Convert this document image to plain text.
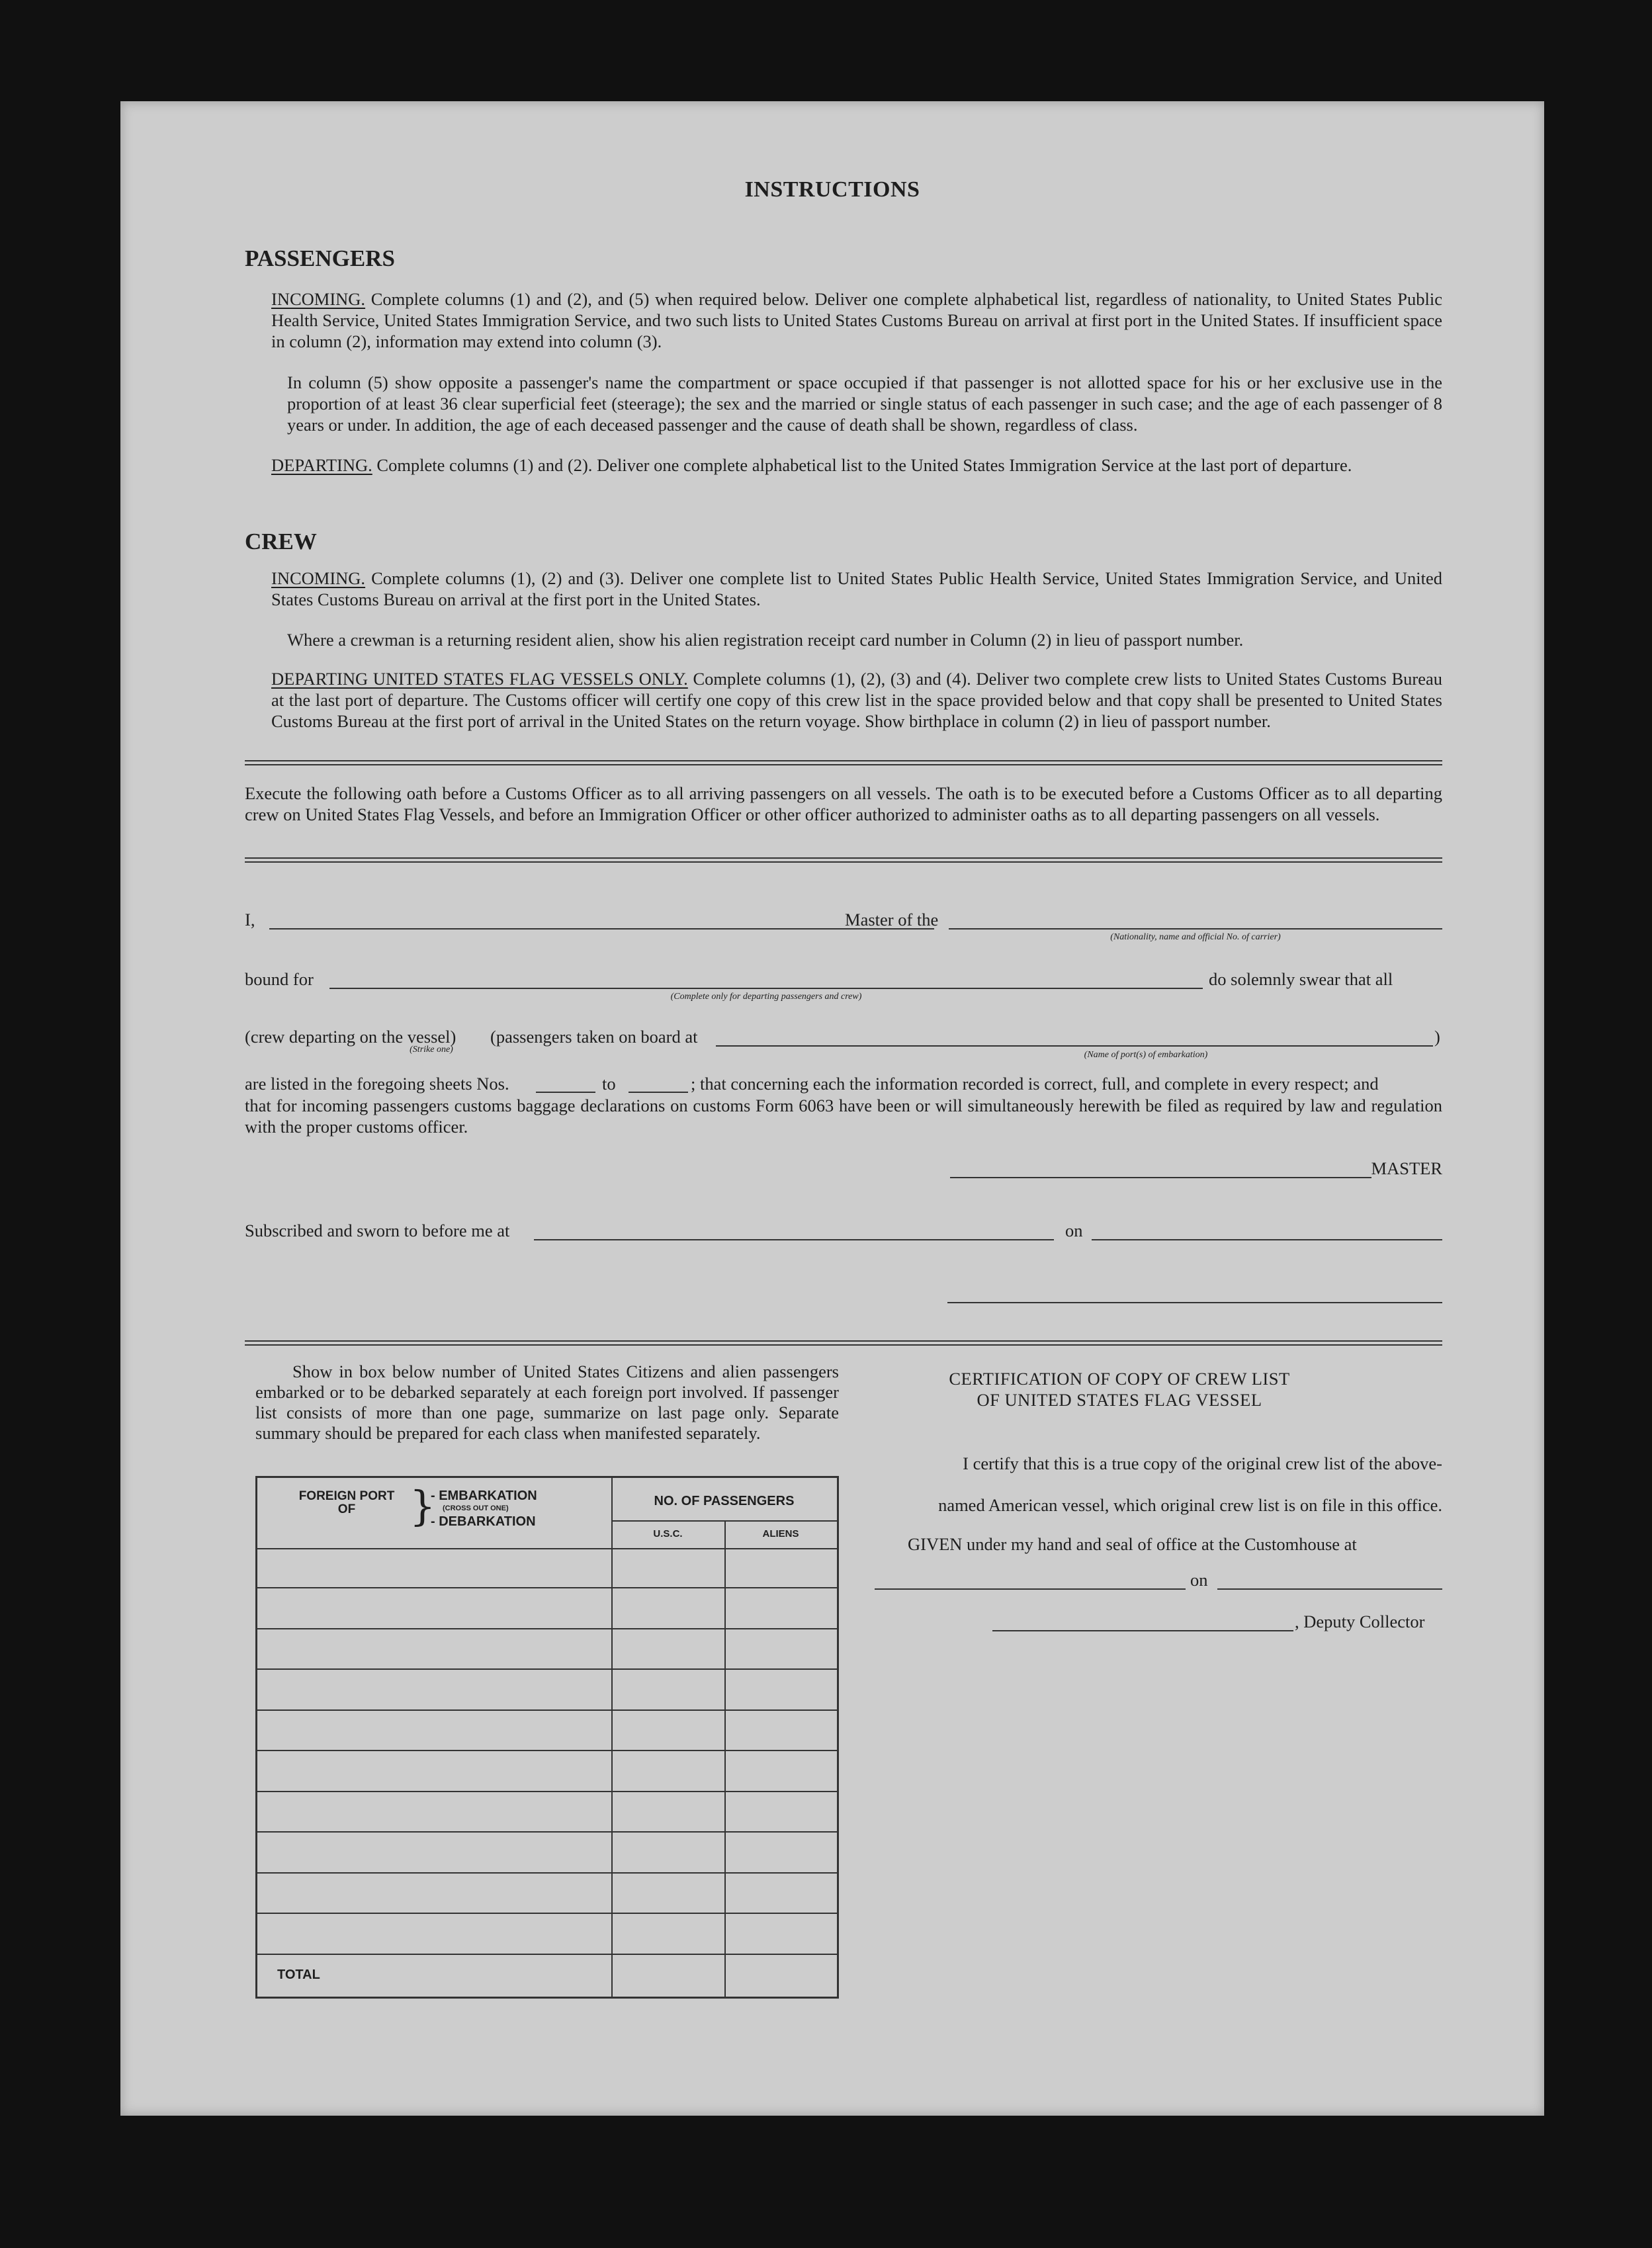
INSTRUCTIONS
PASSENGERS
INCOMING. Complete columns (1) and (2), and (5) when required below. Deliver one complete alphabetical list, regardless of nationality, to United States Public Health Service, United States Immigration Service, and two such lists to United States Customs Bureau on arrival at first port in the United States. If insufficient space in column (2), information may extend into column (3).
In column (5) show opposite a passenger's name the compartment or space occupied if that passenger is not allotted space for his or her exclusive use in the proportion of at least 36 clear superficial feet (steerage); the sex and the married or single status of each passenger in such case; and the age of each passenger of 8 years or under. In addition, the age of each deceased passenger and the cause of death shall be shown, regardless of class.
DEPARTING. Complete columns (1) and (2). Deliver one complete alphabetical list to the United States Immigration Service at the last port of departure.
CREW
INCOMING. Complete columns (1), (2) and (3). Deliver one complete list to United States Public Health Service, United States Immigration Service, and United States Customs Bureau on arrival at the first port in the United States.
Where a crewman is a returning resident alien, show his alien registration receipt card number in Column (2) in lieu of passport number.
DEPARTING UNITED STATES FLAG VESSELS ONLY. Complete columns (1), (2), (3) and (4). Deliver two complete crew lists to United States Customs Bureau at the last port of departure. The Customs officer will certify one copy of this crew list in the space provided below and that copy shall be presented to United States Customs Bureau at the first port of arrival in the United States on the return voyage. Show birthplace in column (2) in lieu of passport number.
Execute the following oath before a Customs Officer as to all arriving passengers on all vessels. The oath is to be executed before a Customs Officer as to all departing crew on United States Flag Vessels, and before an Immigration Officer or other officer authorized to administer oaths as to all departing passengers on all vessels.
I,	Master of the
(Nationality, name and official No. of carrier)
bound for
(Complete only for departing passengers and crew)
do solemnly swear that all
(crew departing on the vessel)
(Strike one)
(passengers taken on board at
(Name of port(s) of embarkation)
)
are listed in the foregoing sheets Nos.	to	; that concerning each the information recorded is correct, full, and complete in every respect; and
that for incoming passengers customs baggage declarations on customs Form 6063 have been or will simultaneously herewith be filed as required by law and regulation with the proper customs officer.
MASTER
Subscribed and sworn to before me at	on
Show in box below number of United States Citizens and alien passengers embarked or to be debarked separately at each foreign port involved. If passenger list consists of more than one page, summarize on last page only. Separate summary should be prepared for each class when manifested separately.
FOREIGN PORT OF	}
- EMBARKATION
(CROSS OUT ONE)
- DEBARKATION
NO. OF PASSENGERS
U.S.C.	ALIENS
TOTAL
CERTIFICATION OF COPY OF CREW LIST
OF UNITED STATES FLAG VESSEL
I certify that this is a true copy of the original crew list of the above-
named American vessel, which original crew list is on file in this office.
GIVEN under my hand and seal of office at the Customhouse at
on
, Deputy Collector
